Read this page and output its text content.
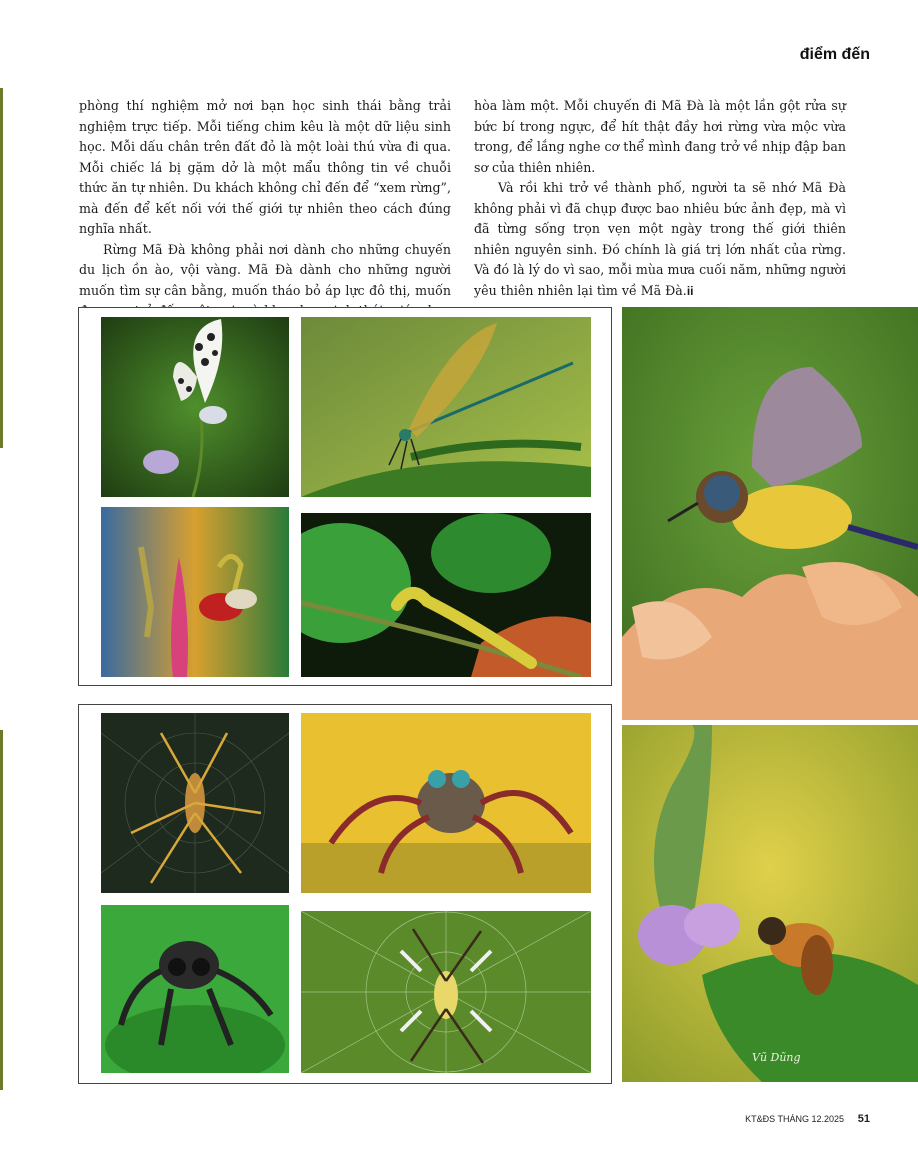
điểm đến

phòng thí nghiệm mở nơi bạn học sinh thái bằng trải nghiệm trực tiếp. Mỗi tiếng chim kêu là một dữ liệu sinh học. Mỗi dấu chân trên đất đỏ là một loài thú vừa đi qua. Mỗi chiếc lá bị gặm dở là một mẩu thông tin về chuỗi thức ăn tự nhiên. Du khách không chỉ đến để “xem rừng”, mà đến để kết nối với thế giới tự nhiên theo cách đúng nghĩa nhất.

Rừng Mã Đà không phải nơi dành cho những chuyến du lịch ồn ào, vội vàng. Mã Đà dành cho những người muốn tìm sự cân bằng, muốn tháo bỏ áp lực đô thị, muốn

hòa làm một. Mỗi chuyến đi Mã Đà là một lần gột rửa sự bức bí trong ngực, để hít thật đầy hơi rừng vừa mộc vừa trong, để lắng nghe cơ thể mình đang trở về nhịp đập ban sơ của thiên nhiên.

Và rồi khi trở về thành phố, người ta sẽ nhớ Mã Đà không phải vì đã chụp được bao nhiêu bức ảnh đẹp, mà vì đã từng sống trọn vẹn một ngày trong thế giới thiên nhiên nguyên sinh. Đó chính là giá trị lớn nhất của rừng. Và đó là lý do vì sao, mỗi mùa mưa cuối năm, những người yêu thiên nhiên lại tìm về Mã Đà.ii

Vũ Dũng
KT&ĐS THÁNG 12.2025 51
